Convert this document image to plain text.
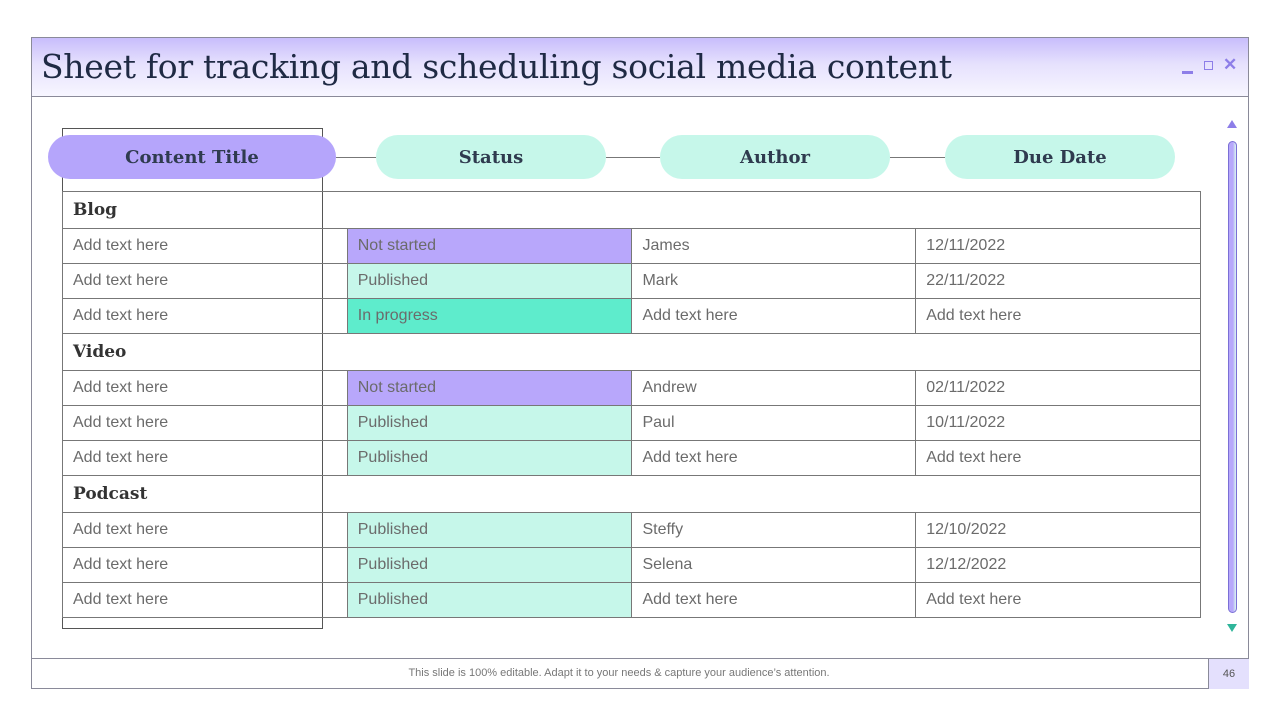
Sheet for tracking and scheduling social media content	✕
Content Title	Status	Author	Due Date
Blog			
Add text here	Not started	James	12/11/2022
Add text here	Published	Mark	22/11/2022
Add text here	In progress	Add text here	Add text here
Video			
Add text here	Not started	Andrew	02/11/2022
Add text here	Published	Paul	10/11/2022
Add text here	Published	Add text here	Add text here
Podcast			
Add text here	Published	Steffy	12/10/2022
Add text here	Published	Selena	12/12/2022
Add text here	Published	Add text here	Add text here
This slide is 100% editable. Adapt it to your needs & capture your audience’s attention.	46
